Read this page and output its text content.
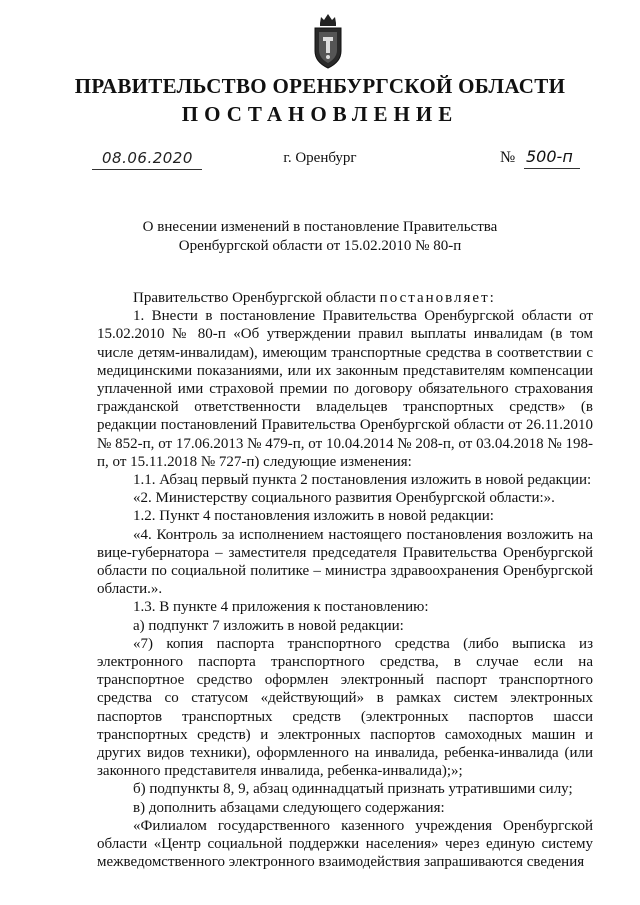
ПРАВИТЕЛЬСТВО ОРЕНБУРГСКОЙ ОБЛАСТИ
ПОСТАНОВЛЕНИЕ
08.06.2020	г. Оренбург	№ 500-п
О внесении изменений в постановление Правительства
Оренбургской области от 15.02.2010 № 80-п

Правительство Оренбургской области постановляет:

1. Внести в постановление Правительства Оренбургской области от 15.02.2010 № 80-п «Об утверждении правил выплаты инвалидам (в том числе детям-инвалидам), имеющим транспортные средства в соответствии с медицинскими показаниями, или их законным представителям компенсации уплаченной ими страховой премии по договору обязательного страхования гражданской ответственности владельцев транспортных средств» (в редакции постановлений Правительства Оренбургской области от 26.11.2010 № 852-п, от 17.06.2013 № 479-п, от 10.04.2014 № 208-п, от 03.04.2018 № 198-п, от 15.11.2018 № 727-п) следующие изменения:

1.1. Абзац первый пункта 2 постановления изложить в новой редакции:

«2. Министерству социального развития Оренбургской области:».

1.2. Пункт 4 постановления изложить в новой редакции:

«4. Контроль за исполнением настоящего постановления возложить на вице-губернатора – заместителя председателя Правительства Оренбургской области по социальной политике – министра здравоохранения Оренбургской области.».

1.3. В пункте 4 приложения к постановлению:

а) подпункт 7 изложить в новой редакции:

«7) копия паспорта транспортного средства (либо выписка из электронного паспорта транспортного средства, в случае если на транспортное средство оформлен электронный паспорт транспортного средства со статусом «действующий» в рамках систем электронных паспортов транспортных средств (электронных паспортов шасси транспортных средств) и электронных паспортов самоходных машин и других видов техники), оформленного на инвалида, ребенка-инвалида (или законного представителя инвалида, ребенка-инвалида);»;

б) подпункты 8, 9, абзац одиннадцатый признать утратившими силу;

в) дополнить абзацами следующего содержания:

«Филиалом государственного казенного учреждения Оренбургской области «Центр социальной поддержки населения» через единую систему межведомственного электронного взаимодействия запрашиваются сведения
